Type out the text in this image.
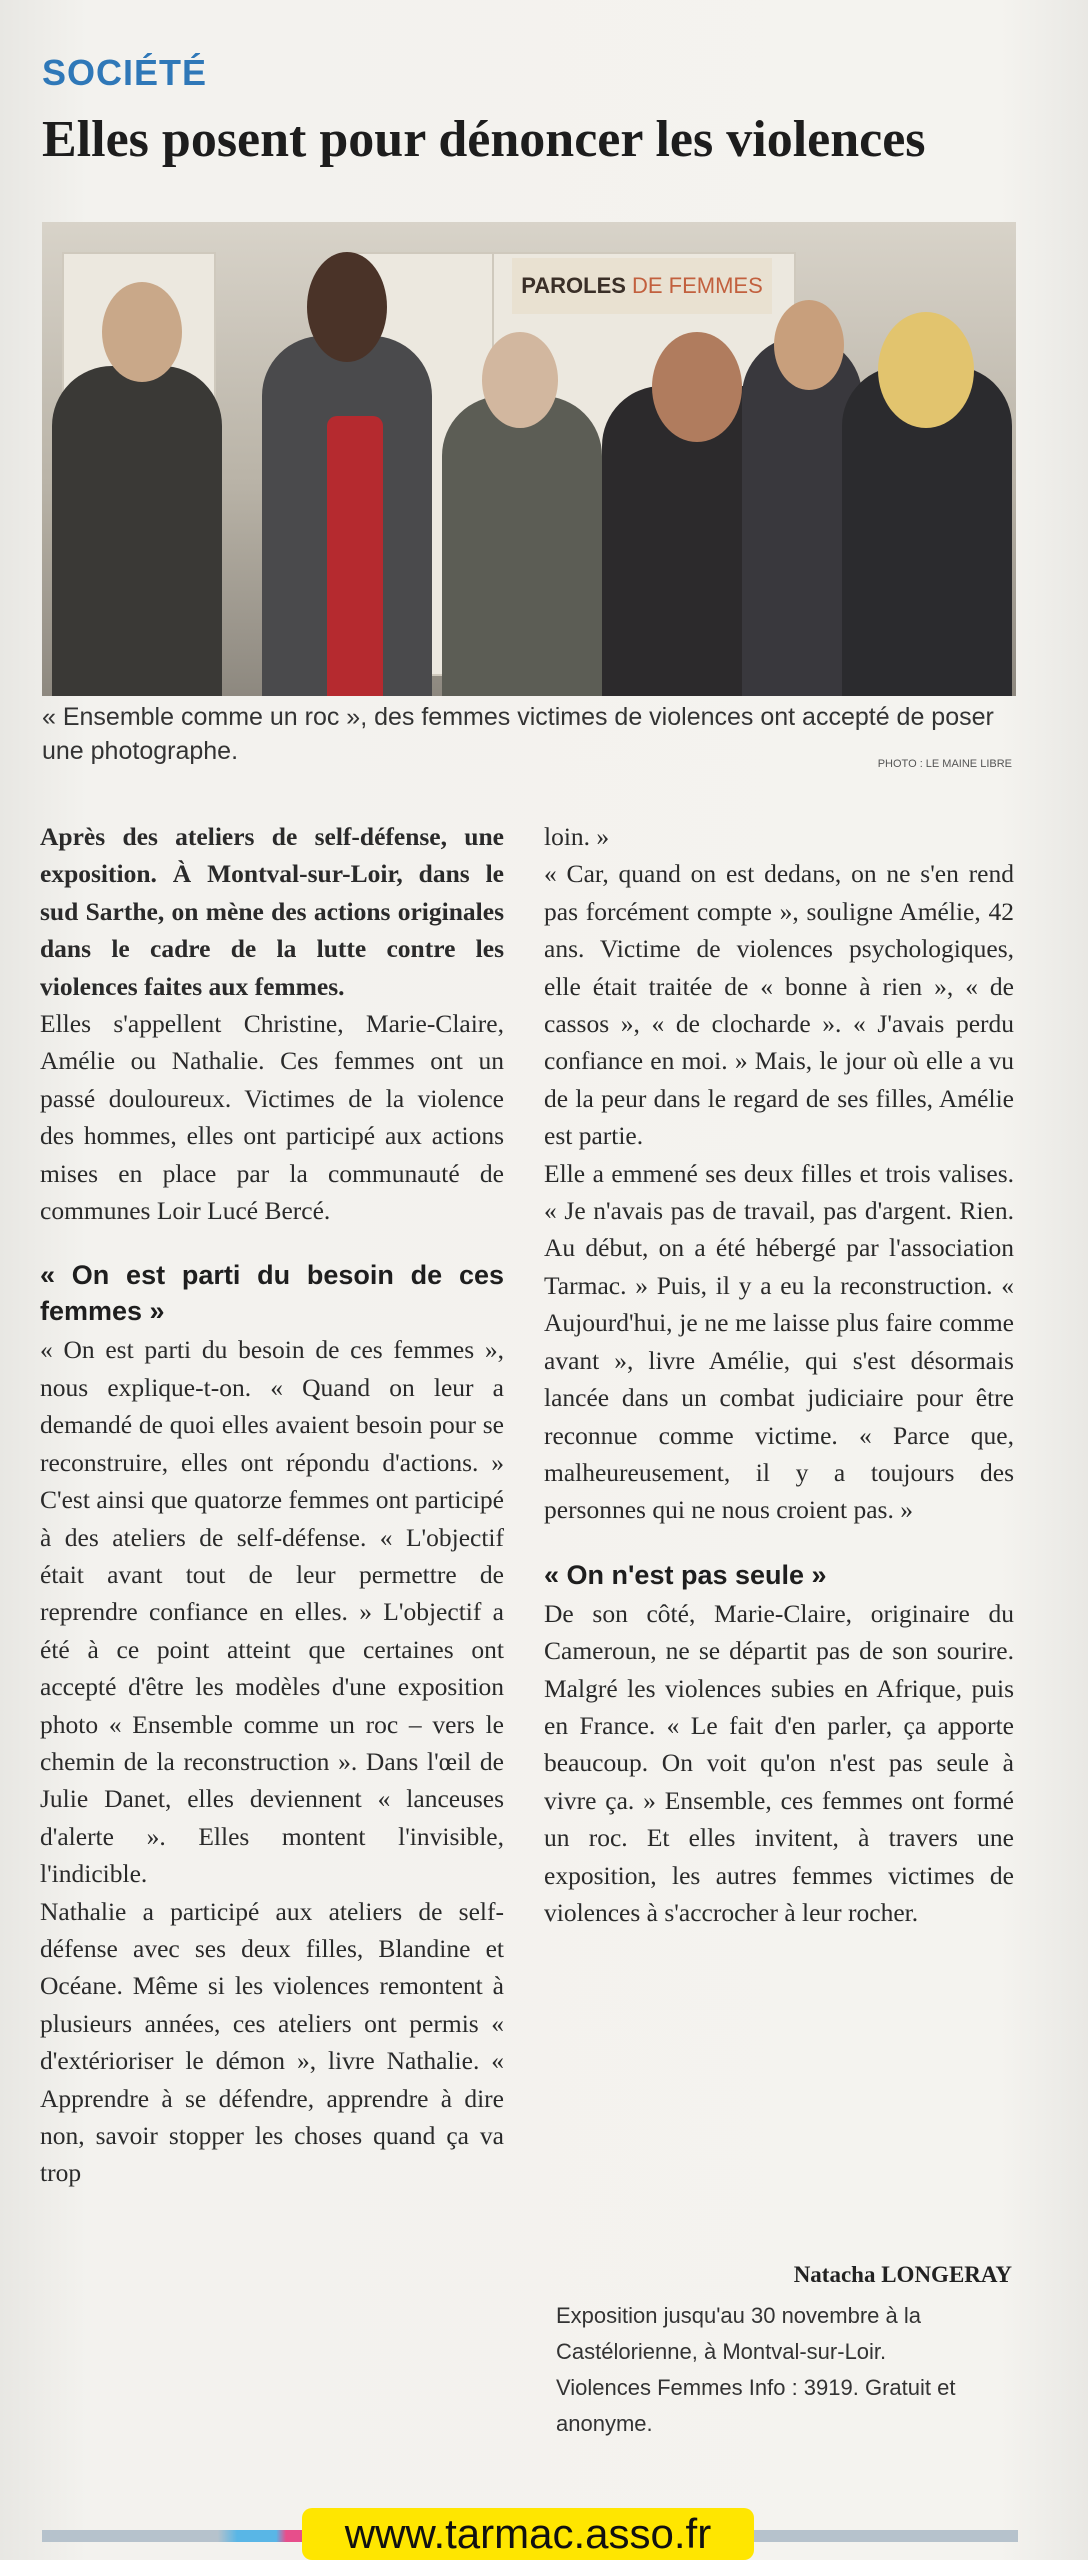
SOCIÉTÉ
Elles posent pour dénoncer les violences
PAROLES DE FEMMES
« Ensemble comme un roc », des femmes victimes de violences ont accepté de poser une photographe.	PHOTO : LE MAINE LIBRE

Après des ateliers de self-défense, une exposition. À Montval-sur-Loir, dans le sud Sarthe, on mène des actions originales dans le cadre de la lutte contre les violences faites aux femmes.

Elles s'appellent Christine, Marie-Claire, Amélie ou Nathalie. Ces femmes ont un passé douloureux. Victimes de la violence des hommes, elles ont participé aux actions mises en place par la communauté de communes Loir Lucé Bercé.

« On est parti du besoin de ces femmes »

« On est parti du besoin de ces femmes », nous explique-t-on. « Quand on leur a demandé de quoi elles avaient besoin pour se reconstruire, elles ont répondu d'actions. » C'est ainsi que quatorze femmes ont participé à des ateliers de self-défense. « L'objectif était avant tout de leur permettre de reprendre confiance en elles. » L'objectif a été à ce point atteint que certaines ont accepté d'être les modèles d'une exposition photo « Ensemble comme un roc – vers le chemin de la reconstruction ». Dans l'œil de Julie Danet, elles deviennent « lanceuses d'alerte ». Elles montent l'invisible, l'indicible.

Nathalie a participé aux ateliers de self-défense avec ses deux filles, Blandine et Océane. Même si les violences remontent à plusieurs années, ces ateliers ont permis « d'extérioriser le démon », livre Nathalie. « Apprendre à se défendre, apprendre à dire non, savoir stopper les choses quand ça va trop

loin. »

« Car, quand on est dedans, on ne s'en rend pas forcément compte », souligne Amélie, 42 ans. Victime de violences psychologiques, elle était traitée de « bonne à rien », « de cassos », « de clocharde ». « J'avais perdu confiance en moi. » Mais, le jour où elle a vu de la peur dans le regard de ses filles, Amélie est partie.

Elle a emmené ses deux filles et trois valises. « Je n'avais pas de travail, pas d'argent. Rien. Au début, on a été hébergé par l'association Tarmac. » Puis, il y a eu la reconstruction. « Aujourd'hui, je ne me laisse plus faire comme avant », livre Amélie, qui s'est désormais lancée dans un combat judiciaire pour être reconnue comme victime. « Parce que, malheureusement, il y a toujours des personnes qui ne nous croient pas. »

« On n'est pas seule »

De son côté, Marie-Claire, originaire du Cameroun, ne se départit pas de son sourire. Malgré les violences subies en Afrique, puis en France. « Le fait d'en parler, ça apporte beaucoup. On voit qu'on n'est pas seule à vivre ça. » Ensemble, ces femmes ont formé un roc. Et elles invitent, à travers une exposition, les autres femmes victimes de violences à s'accrocher à leur rocher.

Natacha LONGERAY

Exposition jusqu'au 30 novembre à la Castélorienne, à Montval-sur-Loir.

Violences Femmes Info : 3919. Gratuit et anonyme.

www.tarmac.asso.fr
